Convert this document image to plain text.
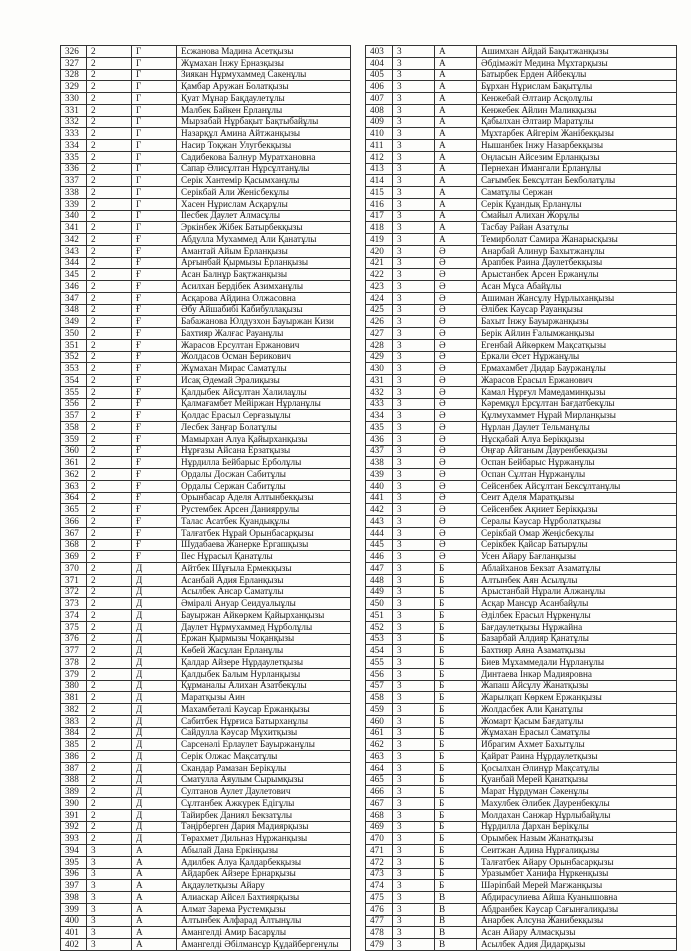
326	2	Г	Есжанова Мадина Асетқызы
327	2	Г	Жұмахан Інжу Ерназқызы
328	2	Г	Зиякан Нұрмухаммед Сакенұлы
329	2	Г	Қамбар Аружан Болатқызы
330	2	Г	Қуат Мұнар Бақдаулетұлы
331	2	Г	Малбек Байкен Ерланұлы
332	2	Г	Мырзабай Нұрбақыт Бақтыбайұлы
333	2	Г	Назарқұл Амина Айтжанқызы
334	2	Г	Насир Тоқжан Улугбекқызы
335	2	Г	Садибекова Балнур Муратхановна
336	2	Г	Сапар Әлисұлтан Нұрсұлтанұлы
337	2	Г	Серік Хантемір Қасымханұлы
338	2	Г	Серікбай Али Женісбекұлы
339	2	Г	Хасен Нұрислам Асқарұлы
340	2	Г	Іlесбек Даулет Алмасұлы
341	2	Г	Эркінбек Жібек Батырбекқызы
342	2	Ғ	Абдулла Мухаммед Али Қанатұлы
343	2	Ғ	Амантай Айым Ерланқызы
344	2	Ғ	Арғынбай Қырмызы Ерланқызы
345	2	Ғ	Асан Балнұр Бақтжанқызы
346	2	Ғ	Асилхан Бердібек Азимханұлы
347	2	Ғ	Асқарова Айдина Олжасовна
348	2	Ғ	Әбу Айшабибі Кабибуллақызы
349	2	Ғ	Бабажанова Юлдузхон Бауыржан Кизи
350	2	Ғ	Бахтияр Жалғас Рауанұлы
351	2	Ғ	Жарасов Ерсултан Ержанович
352	2	Ғ	Жолдасов Осман Берикович
353	2	Ғ	Жұмахан Мирас Саматұлы
354	2	Ғ	Исақ Әдемай Эралиқызы
355	2	Ғ	Қалдыбек Айсұлтан Халилаұлы
356	2	Ғ	Қалмағамбет Мейіржан Нұрланұлы
357	2	Ғ	Қолдас Ерасыл Серғазыұлы
358	2	Ғ	Лесбек Заңғар Болатұлы
359	2	Ғ	Мамырхан Алуа Қайырханқызы
360	2	Ғ	Нұрғазы Айсана Ерзатқызы
361	2	Ғ	Нұрдилла Бейбарыс Ерболұлы
362	2	Ғ	Ордалы Досжан Сабитұлы
363	2	Ғ	Ордалы Сержан Сабитұлы
364	2	Ғ	Орынбасар Аделя Алтынбекқызы
365	2	Ғ	Рустембек Арсен Данияррулы
366	2	Ғ	Талас Асатбек Қуандықұлы
367	2	Ғ	Талғатбек Нұрай Орынбасарқызы
368	2	Ғ	Шудабаева Жанерке Ергашқызы
369	2	Ғ	Іlес Нұрасыл Қанатұлы
370	2	Д	Айтбек Шұғыла Ермекқызы
371	2	Д	Асанбай Адия Ерланқызы
372	2	Д	Асылбек Ансар Саматұлы
373	2	Д	Әміралі Ануар Сеидуалыұлы
374	2	Д	Бауыржан Айкөркем Қайырханқызы
375	2	Д	Даулет Нұрмухаммед Нұрболұлы
376	2	Д	Ержан Қырмызы Чоқанқызы
377	2	Д	Көбей Жасұлан Ерланұлы
378	2	Д	Қалдар Айзере Нұрдаулетқызы
379	2	Д	Қалдыбек Балым Нурланқызы
380	2	Д	Құрманалы Алихан Азатбекұлы
381	2	Д	Маратқызы Аин
382	2	Д	Махамбетәлі Кәусар Ержанқызы
383	2	Д	Сабитбек Нұрғиса Батырханұлы
384	2	Д	Сайдулла Кәусар Мұхитқызы
385	2	Д	Сарсенәлі Ерлаулет Бауыржанұлы
386	2	Д	Серік Олжас Мақсатұлы
387	2	Д	Скандар Рамазан Берікұлы
388	2	Д	Сматулла Аяулым Сырымқызы
389	2	Д	Султанов Аулет Даулетович
390	2	Д	Сұлтанбек Ажкүрек Едігұлы
391	2	Д	Тайирбек Даниял Бекзатұлы
392	2	Д	Тәңірберген Дария Мадиярқызы
393	2	Д	Төрахмет Дильназ Нұржанқызы
394	3	А	Абылай Дана Еркінқызы
395	3	А	Адилбек Алуа Қалдарбекқызы
396	3	А	Айдарбек Айзере Ернарқызы
397	3	А	Ақдаулетқызы Айару
398	3	А	Алиаскар Айсел Бахтиярқызы
399	3	А	Алмат Зарема Рустемқызы
400	3	А	Алтынбек Алфарад Алтынұлы
401	3	А	Амангелді Амир Басарұлы
402	3	А	Амангелді Әбілмансұр Құдайбергенұлы
403	3	А	Ашимхан Айдай Бақытжанқызы
404	3	А	Әбдімәжіт Медина Мұхтарқызы
405	3	А	Батырбек Ерден Айбекұлы
406	3	А	Бұрхан Нұрислам Бақытұлы
407	3	А	Кенжебай Әлтаир Асқолұлы
408	3	А	Кенжебек Айлин Маликқызы
409	3	А	Қабылхан Әлтаир Маратұлы
410	3	А	Мұхтарбек Айгерім Жанібекқызы
411	3	А	Нышанбек Інжу Назарбекқызы
412	3	А	Оңласын Айсезим Ерланқызы
413	3	А	Пернехан Имангали Ерланұлы
414	3	А	Сағымбек Бексұлтан Бекболатұлы
415	3	А	Саматұлы Сержан
416	3	А	Серік Құандық Ерланұлы
417	3	А	Смайыл Алихан Жорұлы
418	3	А	Тасбау Райан Азатұлы
419	3	А	Темирболат Самира Жанарысқызы
420	3	Ә	Анарбай Алинур Бахытжанұлы
421	3	Ә	Арапбек Раина Даулетбекқызы
422	3	Ә	Арыстанбек Арсен Ержанұлы
423	3	Ә	Асан Мұса Абайұлы
424	3	Ә	Ашиман Жансұлу Нұрлыханқызы
425	3	Ә	Әлібек Кәусар Рауанқызы
426	3	Ә	Бахыт Інжу Бауыржанқызы
427	3	Ә	Берік Айлин Ғалымжанқызы
428	3	Ә	Егенбай Айкөркем Мақсатқызы
429	3	Ә	Еркали Әсет Нұржанұлы
430	3	Ә	Ермахамбет Дидар Бауржанұлы
431	3	Ә	Жарасов Ерасыл Ержанович
432	3	Ә	Камал Нұрғул Мамедаминқызы
433	3	Ә	Кәремқұл Ерсұлтан Бағдатбекұлы
434	3	Ә	Құлмухаммет Нұрай Мирланқызы
435	3	Ә	Нұрлан Даулет Тельманұлы
436	3	Ә	Нұсқабай Алуа Берікқызы
437	3	Ә	Оңғар Айганым Дауренбекқызы
438	3	Ә	Оспан Бейбарыс Нұржанұлы
439	3	Ә	Оспан Сұлтан Нұржанұлы
440	3	Ә	Сейсенбек Айсұлтан Бексұлтанұлы
441	3	Ә	Сеит Аделя Маратқызы
442	3	Ә	Сейсенбек Ақниет Берікқызы
443	3	Ә	Сералы Кәусар Нұрболатқызы
444	3	Ә	Серікбай Омар Жеңісбекұлы
445	3	Ә	Серікбек Қайсар Батырұлы
446	3	Ә	Усен Айару Бағланқызы
447	3	Б	Аблайханов Бекзат Азаматұлы
448	3	Б	Алтынбек Аян Асылұлы
449	3	Б	Арыстанбай Нұрали Алжанұлы
450	3	Б	Асқар Мансұр Асанбайұлы
451	3	Б	Әділбек Ерасыл Нұркенұлы
452	3	Б	Бағдаулетқызы Нұржайна
453	3	Б	Базарбай Алдияр Қанатұлы
454	3	Б	Бахтияр Аяна Азаматқызы
455	3	Б	Биев Мұхаммедали Нұрланұлы
456	3	Б	Динтаева Інкәр Мадияровна
457	3	Б	Жапаш Айсұлу Жанатқызы
458	3	Б	Жарылқап Көркем Ержанқызы
459	3	Б	Жолдасбек Али Қанатұлы
460	3	Б	Жомарт Қасым Бағдатұлы
461	3	Б	Жұмахан Ерасыл Саматұлы
462	3	Б	Ибрагим Ахмет Бахытұлы
463	3	Б	Қайрат Раина Нұрдаулетқызы
464	3	Б	Қосылхан Әлинұр Мақсатұлы
465	3	Б	Қуанбай Мерей Қанатқызы
466	3	Б	Марат Нұрдуман Сәкенұлы
467	3	Б	Махулбек Әлибек Дауренбекұлы
468	3	Б	Молдахан Санжар Нұрлыбайұлы
469	3	Б	Нұрдилла Дархан Берікұлы
470	3	Б	Орымбек Назым Жанатқызы
471	3	Б	Сеитжан Адина Нұрғалиқызы
472	3	Б	Талғатбек Айару Орынбасарқызы
473	3	Б	Уразымбет Ханифа Нұркенқызы
474	3	Б	Шәріпбай Мерей Мағжанқызы
475	3	В	Абдирасулиева Айша Куанышовна
476	3	В	Абдранбек Кәусар Сағынғалиқызы
477	3	В	Анарбек Алсуна Жанибекқызы
478	3	В	Асан Айару Алмасқызы
479	3	В	Асылбек Адия Дидарқызы
